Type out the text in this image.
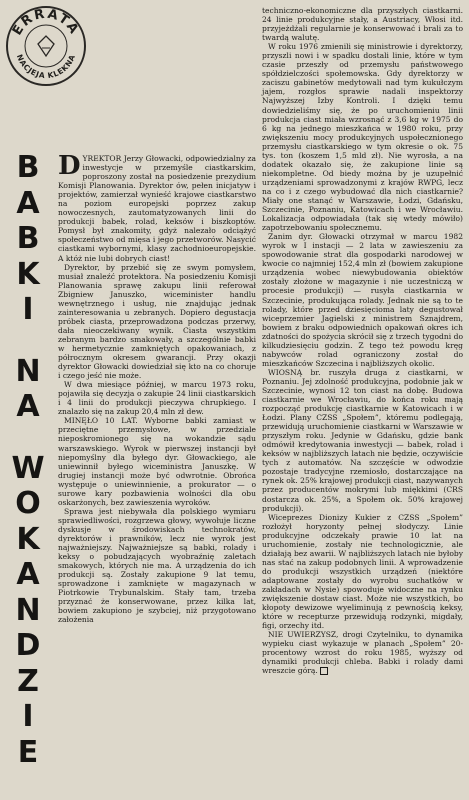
ERRATA
NACJEJA KLEKNA
B
A
B
K
I
N
A
W
O
K
A
N
D
Z
I
E

DYREKTOR Jerzy Głowacki, odpowiedzialny za inwestycje w przemyśle ciastkarskim, poproszony został na posiedzenie prezydium Komisji Planowania. Dyrektor ów, pełen inicjatyw i projektów, zamierzał wynieść krajowe ciastkarstwo na poziom europejski poprzez zakup nowoczesnych, zautomatyzowanych linii do produkcji babek, rolad, keksów i biszkoptów. Pomysł był znakomity, gdyż nalezało odciążyć społeczeństwo od mięsa i jego przetworów. Nasycić ciastkami wybornymi, klasy zachodnioeuropejskie. A któż nie lubi dobrych ciast!

Dyrektor, by przebić się ze swym pomysłem, musiał znaleźć protektora. Na posiedzeniu Komisji Planowania sprawę zakupu linii referował Zbigniew Januszko, wiceminister handlu wewnętrznego i usług, nie znajdując jednak zainteresowania u zebranych. Dopiero degustacja próbek ciasta, przeprowadzona podczas przerwy, dała nieoczekiwany wynik. Ciasta wszystkim zebranym bardzo smakowały, a szczególnie babki w hermetycznie zamkniętych opakowaniach, z półrocznym okresem gwarancji. Przy okazji dyrektor Głowacki dowiedział się kto na co choruje i czego jeść nie może.

W dwa miesiące później, w marcu 1973 roku, pojawiła się decyzja o zakupie 24 linii ciastkarskich i 4 linii do produkcji pieczywa chrupkiego. I znalazło się na zakup 20,4 mln zł dew.

MINĘŁO 10 LAT. Wyborne babki zamiast w przeciętne przemysłowe, w przedziale nieposkromionego się na wokandzie sądu warszawskiego. Wyrok w pierwszej instancji był niepomyślny dla byłego dyr. Głowackiego, ale uniewinnił byłego wiceministra Januszkę. W drugiej instancji może być odwrotnie. Obrońca występuje o uniewinnienie, a prokurator — o surowe kary pozbawienia wolności dla obu oskarżonych, bez zawieszenia wyroków.

Sprawa jest niebywała dla polskiego wymiaru sprawiedliwości, rozgrzewa głowy, wywołuje liczne dyskusje w środowiskach technokratów, dyrektorów i prawników, lecz nie wyrok jest najważniejszy. Najważniejsze są babki, rolady i keksy o pobudzających wyobraźnię zaletach smakowych, których nie ma. A urządzenia do ich produkcji są. Zostały zakupione 9 lat temu, sprowadzone i zamknięte w magazynach w Piotrkowie Trybunalskim. Stały tam, trzeba przyznać że konserwowane, przez kilka lat, bowiem zakupiono je szybciej, niż przygotowano założenia

techniczno-ekonomiczne dla przyszłych ciastkarni. 24 linie produkcyjne stały, a Austriacy, Włosi itd. przyjeżdżali regularnie je konserwować i brali za to twardą walutę.

W roku 1976 zmienili się ministrowie i dyrektorzy, przyszli nowi i w spadku dostali linie, które w tym czasie przeszły od przemysłu państwowego spółdzielczości społemowska. Gdy dyrektorzy w zaciszu gabinetów medytowali nad tym kukułczym jajem, rozgłos sprawie nadali inspektorzy Najwyższej Izby Kontroli. I dzięki temu dowiedzieliśmy się, że po uruchomieniu linii produkcja ciast miała wzrosnąć z 3,6 kg w 1975 do 6 kg na jednego mieszkańca w 1980 roku, przy zwiększeniu mocy produkcyjnych uspołecznionego przemysłu ciastkarskiego w tym okresie o ok. 75 tys. ton (koszem 1,5 mld zł). Nie wyrosła, a na dodatek okazało się, że zakupione linie są niekompletne. Od biedy można by je uzupełnić urządzeniami sprowadzonymi z krajów RWPG, lecz na co i z czego wybudować dla nich ciastkarnie? Miały one stanąć w Warszawie, Łodzi, Gdańsku, Szczecinie, Poznaniu, Katowicach i we Wrocławiu. Lokalizacja odpowiadała (tak się wtedy mówiło) zapotrzebowaniu społecznemu.

Zanim dyr. Głowacki otrzymał w marcu 1982 wyrok w I instacji — 2 lata w zawieszeniu za spowodowanie strat dla gospodarki narodowej w kwocie co najmniej 152,4 mln zł (bowiem zakupione urządzenia wobec niewybudowania obiektów zostały złożone w magazynie i nie uczestniczą w procesie produkcji) — rusyła ciastkarnia w Szczecinie, produkująca rolady. Jednak nie są to te rolady, które przed dziesięcioma laty degustował wiceprzemier Jagielski z ministrem Sznajdrem, bowiem z braku odpowiednich opakowań okres ich zdatności do spożycia skrócił się z trzech tygodni do kilkudziesięciu godzin. Z tego też powodu kręg nabywców rolad ograniczony został do mieszkańców Szczecina i najbliższych okolic.

WIOSNĄ br. ruszyła druga z ciastkarni, w Poznaniu. Jej zdolność produkcyjna, podobnie jak w Szczecinie, wynosi 12 ton ciast na dobę. Budowa ciastkarnie we Wrocławiu, do końca roku mają rozpocząć produkcję ciastkarnie w Katowicach i w Łodzi. Plany CZSS „Społem”, któremu podlegają, przewidują uruchomienie ciastkarni w Warszawie w przyszłym roku. Jedynie w Gdańsku, gdzie bank odmówił kredytowania inwestycji — babek, rolad i keksów w najbliższych latach nie będzie, oczywiście tych z automatów. Na szczęście w odwodzie pozostaje tradycyjne rzemiosło, dostarczające na rynek ok. 25% krajowej produkcji ciast, nazywanych przez producentów mokrymi lub miękkimi (CRS dostarcza ok. 25%, a Społem ok. 50% krajowej produkcji).

Wiceprezes Dionizy Kukier z CZSS „Społem” rozłożył horyzonty pełnej słodyczy. Linie produkcyjne odczekały prawie 10 lat na uruchomienie, zostały nie technologicznie, ale działają bez awarii. W najbliższych latach nie byłoby nas stać na zakup podobnych linii. A wprowadzenie do produkcji wszystkich urządzeń (niektóre adaptowane zostały do wyrobu suchatków w zakładach w Nysie) spowoduje widoczne na rynku zwiększenie dostaw ciast. Może nie wszystkich, bo kłopoty dewizowe wyeliminują z pewnością keksy, które w recepturze przewidują rodzynki, migdały, figi, orzechy itd.

NIE UWIERZYSZ, drogi Czytelniku, to dynamika wypieku ciast wykazuje w planach „Społem” 20-procentowy wzrost do roku 1985, wyższy od dynamiki produkcji chleba. Babki i rolady dami wreszcie górą.
